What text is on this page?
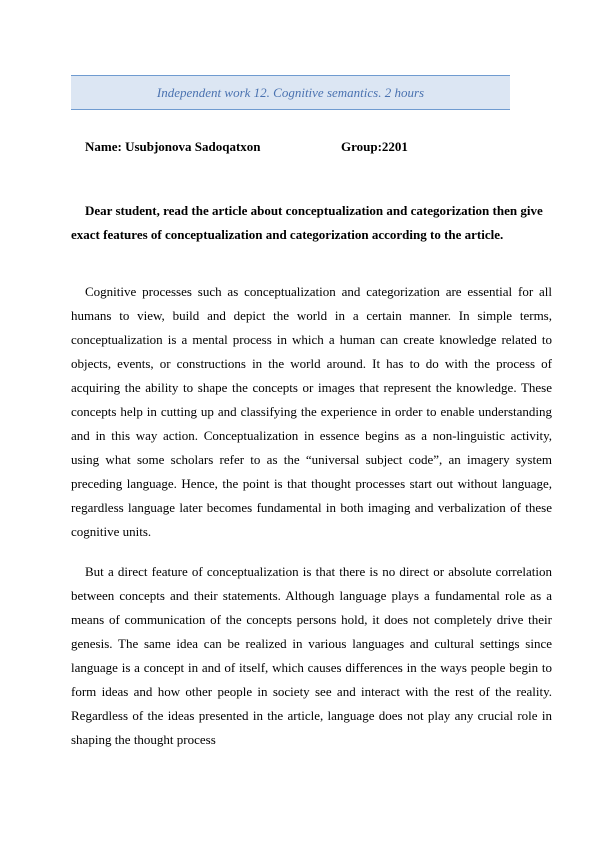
Independent work 12. Cognitive semantics. 2 hours
Name: Usubjonova Sadoqatxon	Group:2201

Dear student, read the article about conceptualization and categorization then give exact features of conceptualization and categorization according to the article.

Cognitive processes such as conceptualization and categorization are essential for all humans to view, build and depict the world in a certain manner. In simple terms, conceptualization is a mental process in which a human can create knowledge related to objects, events, or constructions in the world around. It has to do with the process of acquiring the ability to shape the concepts or images that represent the knowledge. These concepts help in cutting up and classifying the experience in order to enable understanding and in this way action. Conceptualization in essence begins as a non-linguistic activity, using what some scholars refer to as the “universal subject code”, an imagery system preceding language. Hence, the point is that thought processes start out without language, regardless language later becomes fundamental in both imaging and verbalization of these cognitive units.

But a direct feature of conceptualization is that there is no direct or absolute correlation between concepts and their statements. Although language plays a fundamental role as a means of communication of the concepts persons hold, it does not completely drive their genesis. The same idea can be realized in various languages and cultural settings since language is a concept in and of itself, which causes differences in the ways people begin to form ideas and how other people in society see and interact with the rest of the reality. Regardless of the ideas presented in the article, language does not play any crucial role in shaping the thought process
